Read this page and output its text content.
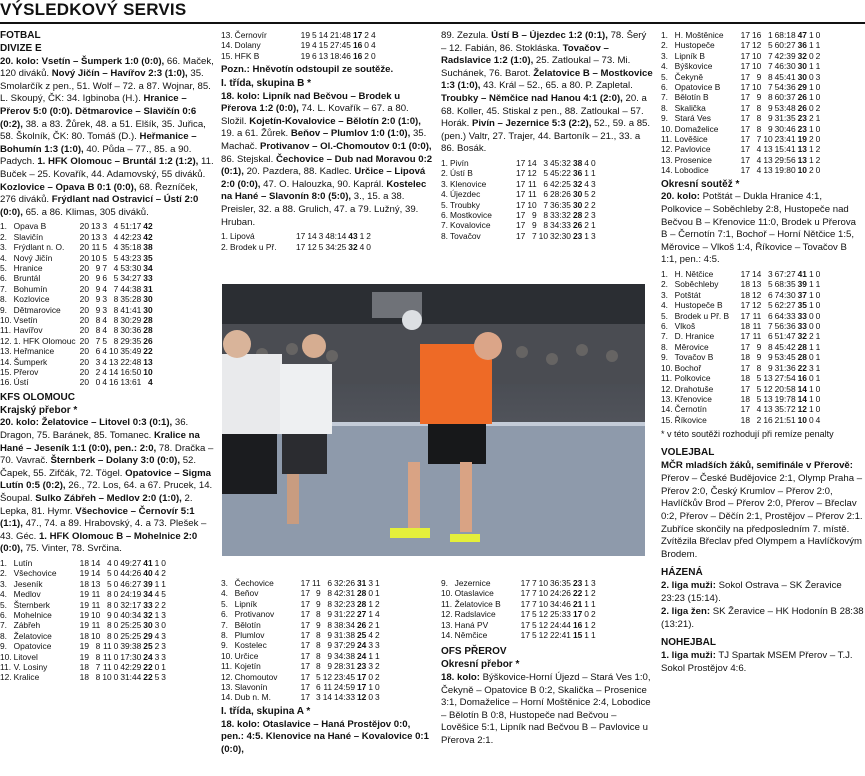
VÝSLEDKOVÝ SERVIS
FOTBAL
DIVIZE E

20. kolo: Vsetín – Šumperk 1:0 (0:0), 66. Maček, 120 diváků. Nový Jičín – Havířov 2:3 (1:0), 35. Smolarčík z pen., 51. Wolf – 72. a 87. Wojnar, 85. L. Skoupý, ČK: 34. Igbinoba (H.). Hranice – Přerov 5:0 (0:0). Dětmarovice – Slavičín 0:6 (0:2), 38. a 83. Žůrek, 48. a 51. Elšík, 35. Juřica, 58. Školník, ČK: 80. Tomáš (D.). Heřmanice – Bohumín 1:3 (1:0), 40. Půda – 77., 85. a 90. Padych. 1. HFK Olomouc – Bruntál 1:2 (1:2), 11. Buček – 25. Kovařík, 44. Adamovský, 55 diváků. Kozlovice – Opava B 0:1 (0:0), 68. Řezníček, 276 diváků. Frýdlant nad Ostravicí – Ústí 2:0 (0:0), 65. a 86. Klimas, 305 diváků.

1.	Opava B	20	13	3	4	51:17	42
2.	Slavičín	20	13	3	4	42:23	42
3.	Frýdlant n. O.	20	11	5	4	35:18	38
4.	Nový Jičín	20	10	5	5	43:23	35
5.	Hranice	20	9	7	4	53:30	34
6.	Bruntál	20	9	6	5	34:27	33
7.	Bohumín	20	9	4	7	44:38	31
8.	Kozlovice	20	9	3	8	35:28	30
9.	Dětmarovice	20	9	3	8	41:41	30
10.	Vsetín	20	8	4	8	30:29	28
11.	Havířov	20	8	4	8	30:36	28
12.	1. HFK Olomouc	20	7	5	8	29:35	26
13.	Heřmanice	20	6	4	10	35:49	22
14.	Šumperk	20	3	4	13	22:48	13
15.	Přerov	20	2	4	14	16:50	10
16.	Ústí	20	0	4	16	13:61	4
KFS OLOMOUC
Krajský přebor *

20. kolo: Želatovice – Litovel 0:3 (0:1), 36. Dragon, 75. Baránek, 85. Tomanec. Kralice na Hané – Jeseník 1:1 (0:0), pen.: 2:0, 78. Dračka – 70. Vavrač. Šternberk – Dolany 3:0 (0:0), 52. Čapek, 55. Zifčák, 72. Tögel. Opatovice – Sigma Lutín 0:5 (0:2), 26., 72. Los, 64. a 67. Prucek, 14. Šoupal. Sulko Zábřeh – Medlov 2:0 (1:0), 2. Lepka, 81. Hymr. Všechovice – Černovír 5:1 (1:1), 47., 74. a 89. Hrabovský, 4. a 73. Plešek – 43. Géc. 1. HFK Olomouc B – Mohelnice 2:0 (0:0), 75. Vinter, 78. Svrčina.

1.	Lutín	18	14	4	0	49:27	41	1	0
2.	Všechovice	19	14	5	0	44:26	40	4	2
3.	Jeseník	18	13	5	0	46:27	39	1	1
4.	Medlov	19	11	8	0	24:19	34	4	5
5.	Šternberk	19	11	8	0	32:17	33	2	2
6.	Mohelnice	19	10	9	0	40:34	32	1	3
7.	Zábřeh	19	11	8	0	25:25	30	3	0
8.	Želatovice	18	10	8	0	25:25	29	4	3
9.	Opatovice	19	8	11	0	39:38	25	2	3
10.	Litovel	19	8	11	0	17:30	24	3	3
11.	V. Losiny	18	7	11	0	42:29	22	0	1
12.	Kralice	18	8	10	0	31:44	22	5	3
13.	Černovír	19	5	14	21:48	17	2	4
14.	Dolany	19	4	15	27:45	16	0	4
15.	HFK B	19	6	13	18:46	16	2	0

Pozn.: Hněvotín odstoupil ze soutěže.

I. třída, skupina B *

18. kolo: Lipník nad Bečvou – Brodek u Přerova 1:2 (0:0), 74. L. Kovařík – 67. a 80. Složil. Kojetín-Kovalovice – Bělotín 2:0 (1:0), 19. a 61. Žůrek. Beňov – Plumlov 1:0 (1:0), 35. Machač. Protivanov – Ol.-Chomoutov 0:1 (0:0), 86. Stejskal. Čechovice – Dub nad Moravou 0:2 (0:1), 20. Pazdera, 88. Kadlec. Určice – Lipová 2:0 (0:0), 47. O. Halouzka, 90. Kaprál. Kostelec na Hané – Slavonín 8:0 (5:0), 3., 15. a 38. Preisler, 32. a 88. Grulich, 47. a 79. Lužný, 39. Hruban.

1.	Lipová	17	14	3	48:14	43	1	2
2.	Brodek u Př.	17	12	5	34:25	32	4	0

89. Zezula. Ústí B – Újezdec 1:2 (0:1), 78. Šerý – 12. Fabián, 86. Stokláska. Tovačov – Radslavice 1:2 (1:0), 25. Zatloukal – 73. Mi. Suchánek, 76. Barot. Želatovice B – Mostkovice 1:3 (1:0), 43. Král – 52., 65. a 80. P. Zapletal. Troubky – Němčice nad Hanou 4:1 (2:0), 20. a 68. Koller, 45. Stiskal z pen., 88. Zatloukal – 57. Horák. Pivín – Jezernice 5:3 (2:2), 52., 59. a 85. (pen.) Valtr, 27. Trajer, 44. Bartoník – 21., 33. a 86. Bosák.

1.	Pivín	17	14	3	45:32	38	4	0
2.	Ústí B	17	12	5	45:22	36	1	1
3.	Klenovice	17	11	6	42:25	32	4	3
4.	Újezdec	17	11	6	28:26	30	5	2
5.	Troubky	17	10	7	36:35	30	2	2
6.	Mostkovice	17	9	8	33:32	28	2	3
7.	Kovalovice	17	9	8	34:33	26	2	1
8.	Tovačov	17	7	10	32:30	23	1	3
3.	Čechovice	17	11	6	32:26	31	3	1
4.	Beňov	17	9	8	42:31	28	0	1
5.	Lipník	17	9	8	32:23	28	1	2
6.	Protivanov	17	8	9	31:22	27	1	4
7.	Bělotín	17	9	8	38:34	26	2	1
8.	Plumlov	17	8	9	31:38	25	4	2
9.	Kostelec	17	8	9	37:29	24	3	3
10.	Určice	17	8	9	34:38	24	1	1
11.	Kojetín	17	8	9	28:31	23	3	2
12.	Chomoutov	17	5	12	23:45	17	0	2
13.	Slavonín	17	6	11	24:59	17	1	0
14.	Dub n. M.	17	3	14	14:33	12	0	3
I. třída, skupina A *

18. kolo: Otaslavice – Haná Prostějov 0:0, pen.: 4:5. Klenovice na Hané – Kovalovice 0:1 (0:0),

9.	Jezernice	17	7	10	36:35	23	1	3
10.	Otaslavice	17	7	10	24:26	22	1	2
11.	Želatovice B	17	7	10	34:46	21	1	1
12.	Radslavice	17	5	12	25:33	17	0	2
13.	Haná PV	17	5	12	24:44	16	1	2
14.	Němčice	17	5	12	22:41	15	1	1
OFS PŘEROV
Okresní přebor *

18. kolo: Býškovice-Horní Újezd – Stará Ves 1:0, Čekyně – Opatovice B 0:2, Skalička – Prosenice 3:1, Domaželice – Horní Moštěnice 2:4, Lobodice – Bělotín B 0:8, Hustopeče nad Bečvou – Lověšice 5:1, Lipník nad Bečvou B – Pavlovice u Přerova 2:1.

1.	H. Moštěnice	17	16	1	68:18	47	1	0
2.	Hustopeče	17	12	5	60:27	36	1	1
3.	Lipník B	17	10	7	42:39	32	0	2
4.	Býškovice	17	10	7	46:30	30	1	1
5.	Čekyně	17	9	8	45:41	30	0	3
6.	Opatovice B	17	10	7	54:36	29	1	0
7.	Bělotín B	17	9	8	60:37	26	1	0
8.	Skalička	17	8	9	53:48	26	0	2
9.	Stará Ves	17	8	9	31:35	23	2	1
10.	Domaželice	17	8	9	30:46	23	1	0
11.	Lověšice	17	7	10	23:41	19	2	0
12.	Pavlovice	17	4	13	15:41	13	1	2
13.	Prosenice	17	4	13	29:56	13	1	2
14.	Lobodice	17	4	13	19:80	10	2	0
Okresní soutěž *

20. kolo: Potštát – Dukla Hranice 4:1, Polkovice – Soběchleby 2:8, Hustopeče nad Bečvou B – Křenovice 11:0, Brodek u Přerova B – Černotín 7:1, Bochoř – Horní Nětčice 1:5, Měrovice – Vlkoš 1:4, Říkovice – Tovačov B 1:1, pen.: 4:5.

1.	H. Nětčice	17	14	3	67:27	41	1	0
2.	Soběchleby	18	13	5	68:35	39	1	1
3.	Potštát	18	12	6	74:30	37	1	0
4.	Hustopeče B	17	12	5	62:27	35	1	0
5.	Brodek u Př. B	17	11	6	64:33	33	0	0
6.	Vlkoš	18	11	7	56:36	33	0	0
7.	D. Hranice	17	11	6	51:47	32	2	1
8.	Měrovice	17	9	8	45:42	28	1	1
9.	Tovačov B	18	9	9	53:45	28	0	1
10.	Bochoř	17	8	9	31:36	22	3	1
11.	Polkovice	18	5	13	27:54	16	0	1
12.	Drahotuše	17	5	12	20:58	14	1	0
13.	Křenovice	18	5	13	19:78	14	1	0
14.	Černotín	17	4	13	35:72	12	1	0
15.	Říkovice	18	2	16	21:51	10	0	4

* v této soutěži rozhodují při remíze penalty

VOLEJBAL

MČR mladších žáků, semifinále v Přerově:

Přerov – České Budějovice 2:1, Olymp Praha – Přerov 2:0, Český Krumlov – Přerov 2:0, Havlíčkův Brod – Přerov 2:0, Přerov – Břeclav 0:2, Přerov – Děčín 2:1, Prostějov – Přerov 2:1. Zubříce skončily na předposledním 7. místě. Zvítězila Břeclav před Olympem a Havlíčkovým Brodem.

HÁZENÁ

2. liga muži: Sokol Ostrava – SK Žeravice 23:23 (15:14).

2. liga žen: SK Žeravice – HK Hodonín B 28:38 (13:21).

NOHEJBAL

1. liga muži: TJ Spartak MSEM Přerov – T.J. Sokol Prostějov 4:6.
